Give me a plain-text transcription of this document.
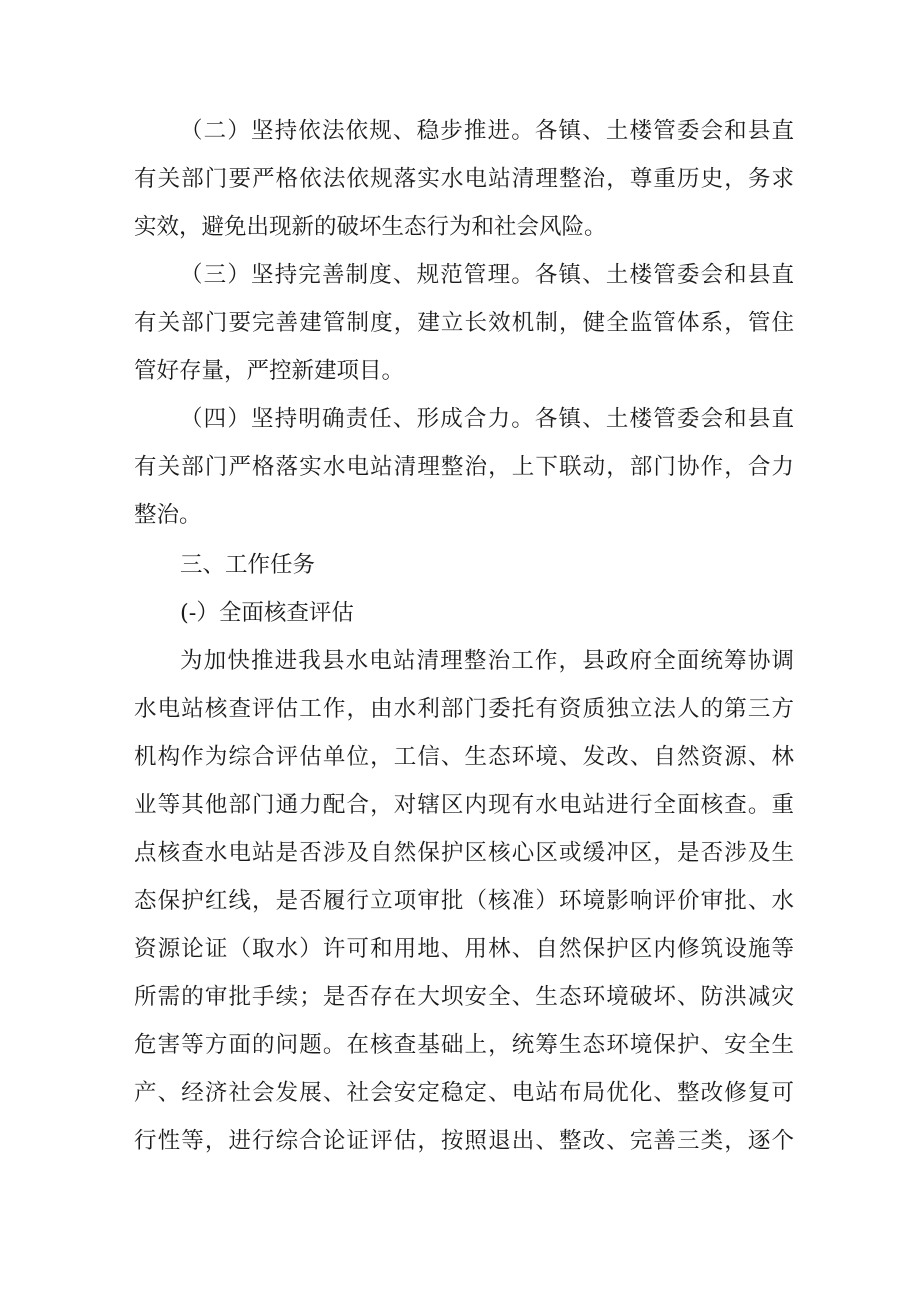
（二）坚持依法依规、稳步推进。各镇、土楼管委会和县直
有关部门要严格依法依规落实水电站清理整治，尊重历史，务求
实效，避免出现新的破坏生态行为和社会风险。
（三）坚持完善制度、规范管理。各镇、土楼管委会和县直
有关部门要完善建管制度，建立长效机制，健全监管体系，管住
管好存量，严控新建项目。
（四）坚持明确责任、形成合力。各镇、土楼管委会和县直
有关部门严格落实水电站清理整治，上下联动，部门协作，合力
整治。
三、工作任务
(-）全面核查评估
为加快推进我县水电站清理整治工作，县政府全面统筹协调
水电站核查评估工作，由水利部门委托有资质独立法人的第三方
机构作为综合评估单位，工信、生态环境、发改、自然资源、林
业等其他部门通力配合，对辖区内现有水电站进行全面核查。重
点核查水电站是否涉及自然保护区核心区或缓冲区，是否涉及生
态保护红线，是否履行立项审批（核准）环境影响评价审批、水
资源论证（取水）许可和用地、用林、自然保护区内修筑设施等
所需的审批手续；是否存在大坝安全、生态环境破坏、防洪减灾
危害等方面的问题。在核查基础上，统筹生态环境保护、安全生
产、经济社会发展、社会安定稳定、电站布局优化、整改修复可
行性等，进行综合论证评估，按照退出、整改、完善三类，逐个
